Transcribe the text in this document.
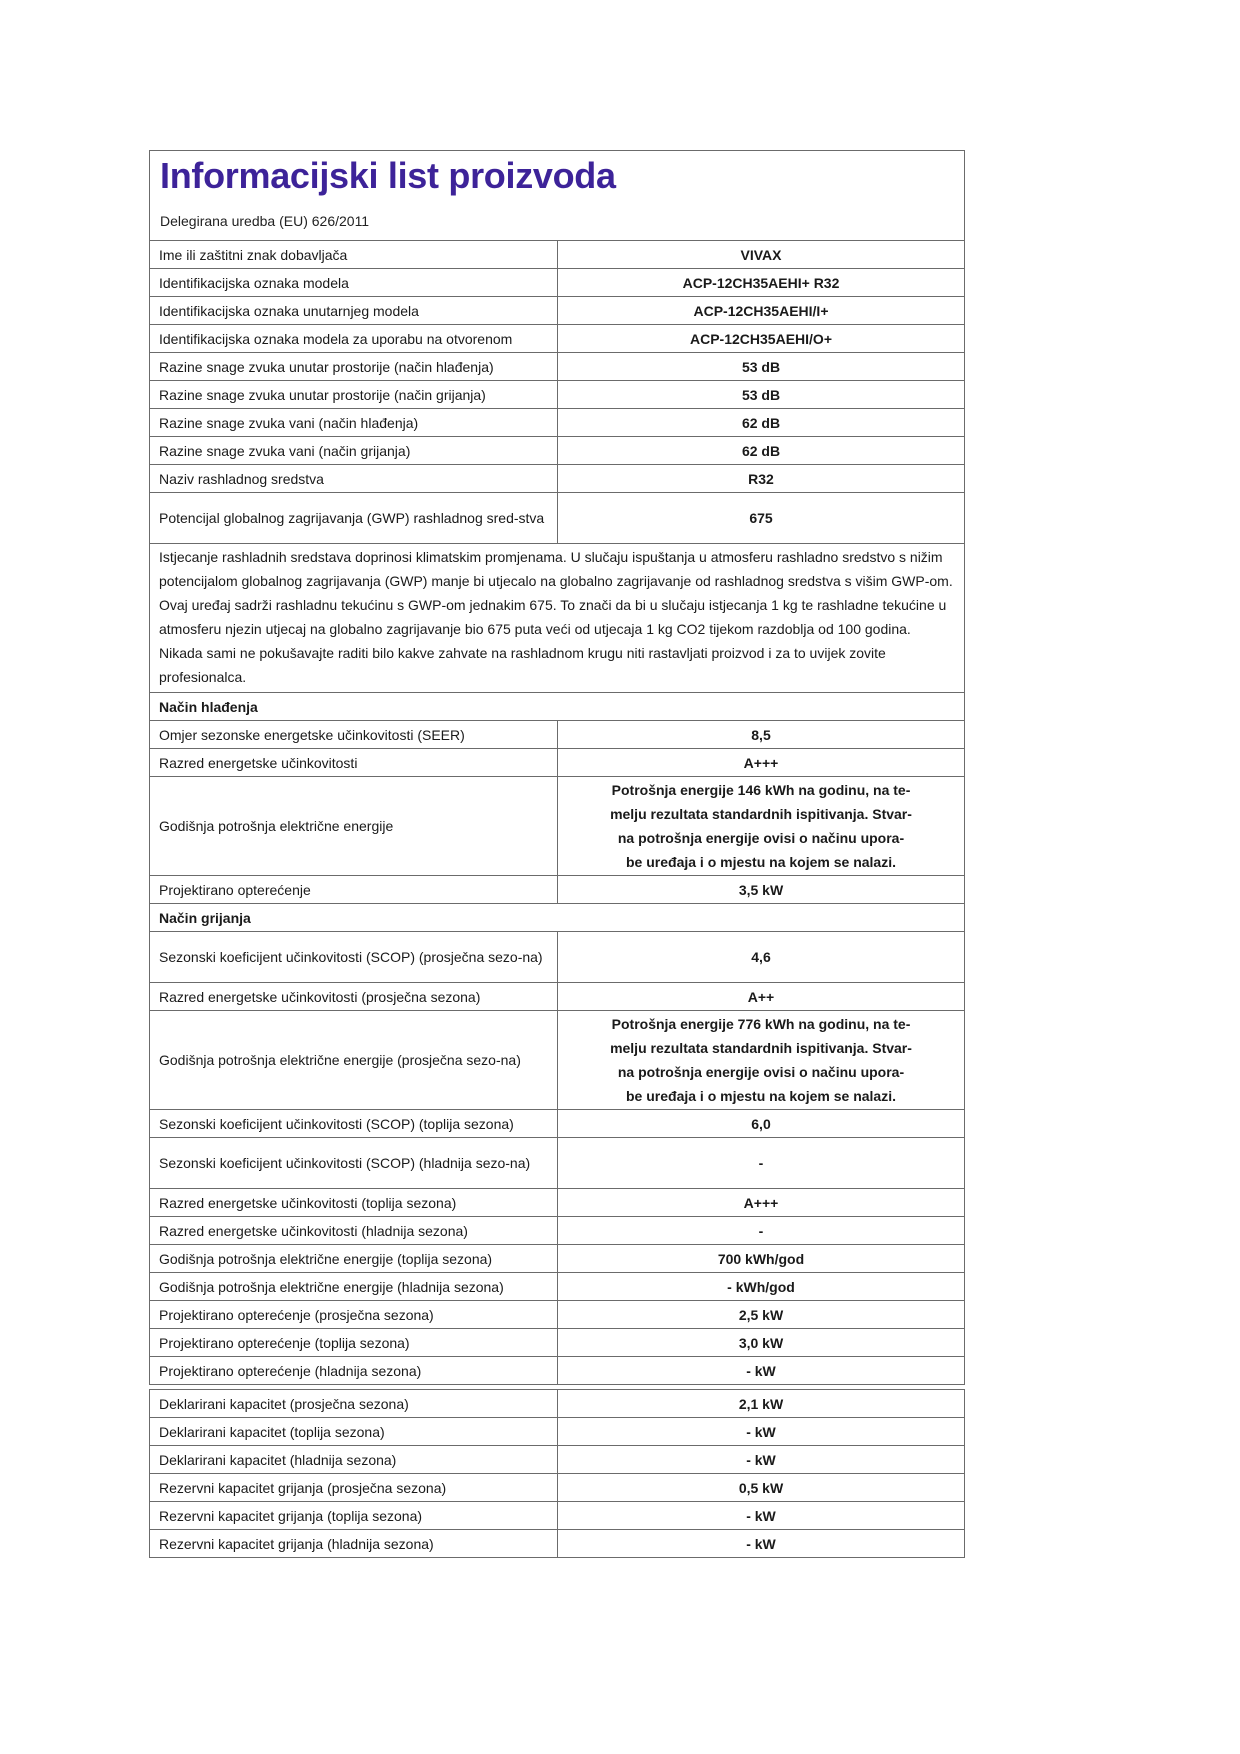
Informacijski list proizvoda
Delegirana uredba (EU) 626/2011
Ime ili zaštitni znak dobavljača	VIVAX
Identifikacijska oznaka modela	ACP-12CH35AEHI+ R32
Identifikacijska oznaka unutarnjeg modela	ACP-12CH35AEHI/I+
Identifikacijska oznaka modela za uporabu na otvorenom	ACP-12CH35AEHI/O+
Razine snage zvuka unutar prostorije (način hlađenja)	53 dB
Razine snage zvuka unutar prostorije (način grijanja)	53 dB
Razine snage zvuka vani (način hlađenja)	62 dB
Razine snage zvuka vani (način grijanja)	62 dB
Naziv rashladnog sredstva	R32
Potencijal globalnog zagrijavanja (GWP) rashladnog sred-stva	675
Istjecanje rashladnih sredstava doprinosi klimatskim promjenama. U slučaju ispuštanja u atmosferu rashladno sredstvo s nižim potencijalom globalnog zagrijavanja (GWP) manje bi utjecalo na globalno zagrijavanje od rashladnog sredstva s višim GWP-om. Ovaj uređaj sadrži rashladnu tekućinu s GWP-om jednakim 675. To znači da bi u slučaju istjecanja 1 kg te rashladne tekućine u atmosferu njezin utjecaj na globalno zagrijavanje bio 675 puta veći od utjecaja 1 kg CO2 tijekom razdoblja od 100 godina. Nikada sami ne pokušavajte raditi bilo kakve zahvate na rashladnom krugu niti rastavljati proizvod i za to uvijek zovite profesionalca.	
Način hlađenja	
Omjer sezonske energetske učinkovitosti (SEER)	8,5
Razred energetske učinkovitosti	A+++
Godišnja potrošnja električne energije	Potrošnja energije 146 kWh na godinu, na te-
melju rezultata standardnih ispitivanja. Stvar-
na potrošnja energije ovisi o načinu upora-
be uređaja i o mjestu na kojem se nalazi.

Projektirano opterećenje	3,5 kW
Način grijanja	
Sezonski koeficijent učinkovitosti (SCOP) (prosječna sezo-na)	4,6
Razred energetske učinkovitosti (prosječna sezona)	A++
Godišnja potrošnja električne energije (prosječna sezo-na)	Potrošnja energije 776 kWh na godinu, na te-
melju rezultata standardnih ispitivanja. Stvar-
na potrošnja energije ovisi o načinu upora-
be uređaja i o mjestu na kojem se nalazi.

Sezonski koeficijent učinkovitosti (SCOP) (toplija sezona)	6,0
Sezonski koeficijent učinkovitosti (SCOP) (hladnija sezo-na)	-
Razred energetske učinkovitosti (toplija sezona)	A+++
Razred energetske učinkovitosti (hladnija sezona)	-
Godišnja potrošnja električne energije (toplija sezona)	700 kWh/god
Godišnja potrošnja električne energije (hladnija sezona)	- kWh/god
Projektirano opterećenje (prosječna sezona)	2,5 kW
Projektirano opterećenje (toplija sezona)	3,0 kW
Projektirano opterećenje (hladnija sezona)	- kW
Deklarirani kapacitet (prosječna sezona)	2,1 kW
Deklarirani kapacitet (toplija sezona)	- kW
Deklarirani kapacitet (hladnija sezona)	- kW
Rezervni kapacitet grijanja (prosječna sezona)	0,5 kW
Rezervni kapacitet grijanja (toplija sezona)	- kW
Rezervni kapacitet grijanja (hladnija sezona)	- kW
